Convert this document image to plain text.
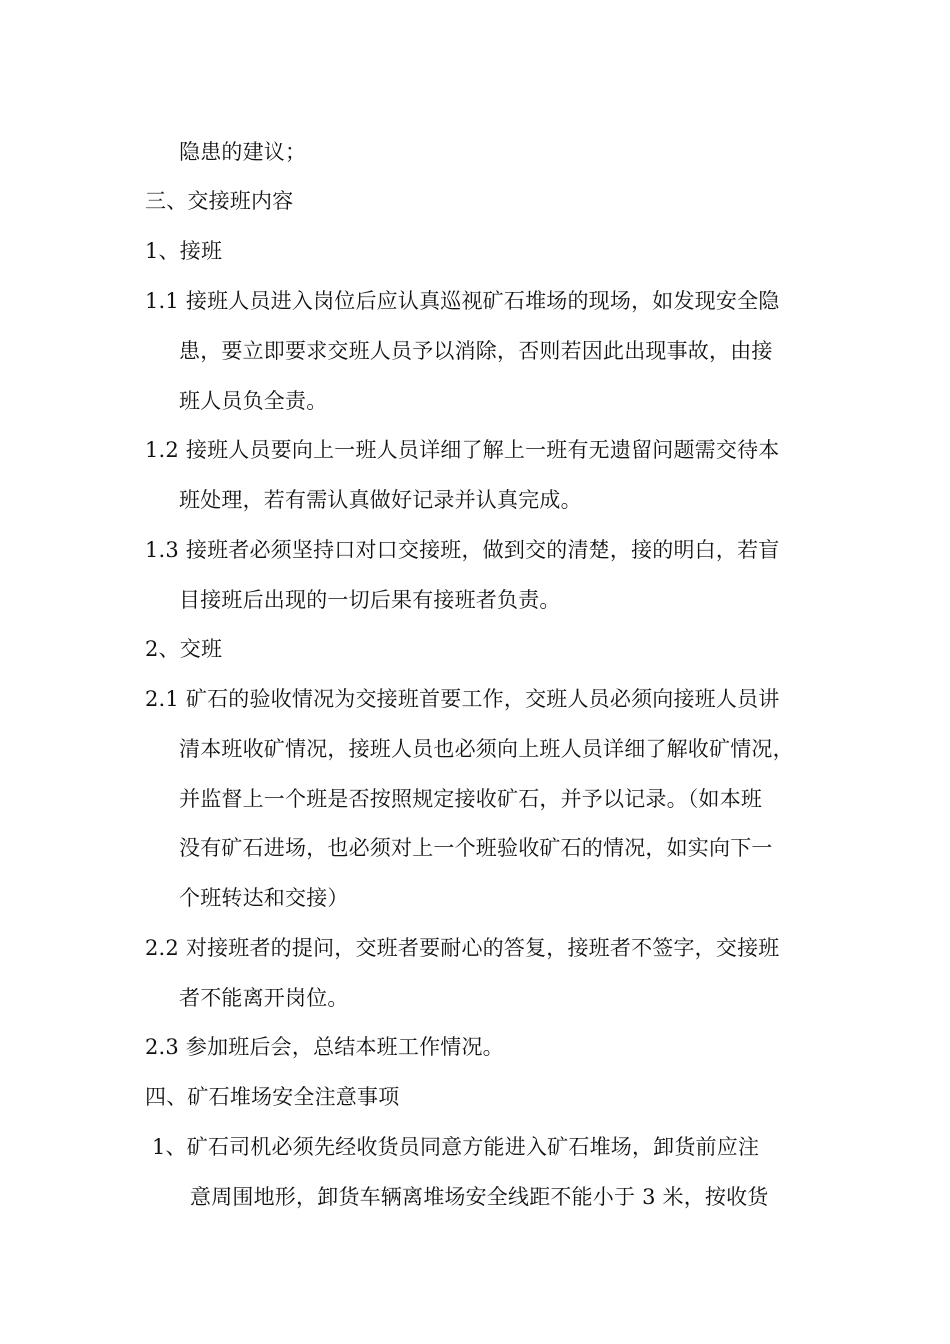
隐患的建议；
三、交接班内容
1、接班
1.1 接班人员进入岗位后应认真巡视矿石堆场的现场，如发现安全隐
患，要立即要求交班人员予以消除，否则若因此出现事故，由接
班人员负全责。
1.2 接班人员要向上一班人员详细了解上一班有无遗留问题需交待本
班处理，若有需认真做好记录并认真完成。
1.3 接班者必须坚持口对口交接班，做到交的清楚，接的明白，若盲
目接班后出现的一切后果有接班者负责。
2、交班
2.1 矿石的验收情况为交接班首要工作，交班人员必须向接班人员讲
清本班收矿情况，接班人员也必须向上班人员详细了解收矿情况，
并监督上一个班是否按照规定接收矿石，并予以记录。（如本班
没有矿石进场，也必须对上一个班验收矿石的情况，如实向下一
个班转达和交接）
2.2 对接班者的提问，交班者要耐心的答复，接班者不签字，交接班
者不能离开岗位。
2.3 参加班后会，总结本班工作情况。
四、矿石堆场安全注意事项
1、矿石司机必须先经收货员同意方能进入矿石堆场，卸货前应注
意周围地形，卸货车辆离堆场安全线距不能小于 3 米，按收货
